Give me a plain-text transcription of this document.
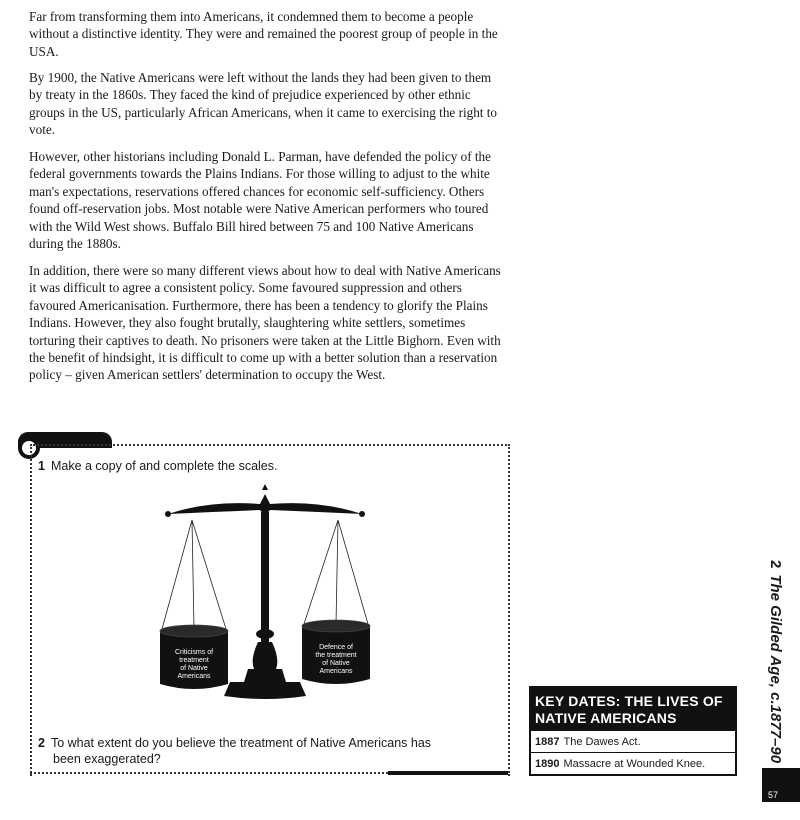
Far from transforming them into Americans, it condemned them to become a people without a distinctive identity. They were and remained the poorest group of people in the USA.

By 1900, the Native Americans were left without the lands they had been given to them by treaty in the 1860s. They faced the kind of prejudice experienced by other ethnic groups in the US, particularly African Americans, when it came to exercising the right to vote.

However, other historians including Donald L. Parman, have defended the policy of the federal governments towards the Plains Indians. For those willing to adjust to the white man's expectations, reservations offered chances for economic self-sufficiency. Others found off-reservation jobs. Most notable were Native American performers who toured with the Wild West shows. Buffalo Bill hired between 75 and 100 Native Americans during the 1880s.

In addition, there were so many different views about how to deal with Native Americans it was difficult to agree a consistent policy. Some favoured suppression and others favoured Americanisation. Furthermore, there has been a tendency to glorify the Plains Indians. However, they also fought brutally, slaughtering white settlers, sometimes torturing their captives to death. No prisoners were taken at the Little Bighorn. Even with the benefit of hindsight, it is difficult to come up with a better solution than a reservation policy – given American settlers' determination to occupy the West.

1 Make a copy of and complete the scales.
Criticisms of
treatment
of Native
Americans
Defence of
the treatment
of Native
Americans
2 To what extent do you believe the treatment of Native Americans has
been exaggerated?
2The Gilded Age, c.1877–90
KEY DATES: THE LIVES OF
NATIVE AMERICANS
1887 The Dawes Act.
1890 Massacre at Wounded Knee.
57
